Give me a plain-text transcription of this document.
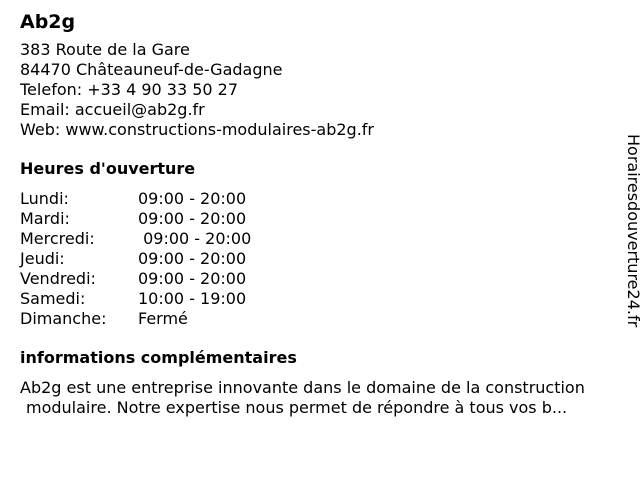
Ab2g
383 Route de la Gare
84470 Châteauneuf-de-Gadagne
Telefon: +33 4 90 33 50 27
Email: accueil@ab2g.fr
Web: www.constructions-modulaires-ab2g.fr
Heures d'ouverture
Lundi:	09:00 - 20:00
Mardi:	09:00 - 20:00
Mercredi:	09:00 - 20:00
Jeudi:	09:00 - 20:00
Vendredi:	09:00 - 20:00
Samedi:	10:00 - 19:00
Dimanche:	Fermé
informations complémentaires
Ab2g est une entreprise innovante dans le domaine de la construction
modulaire. Notre expertise nous permet de répondre à tous vos b...
Horairesdouverture24.fr
